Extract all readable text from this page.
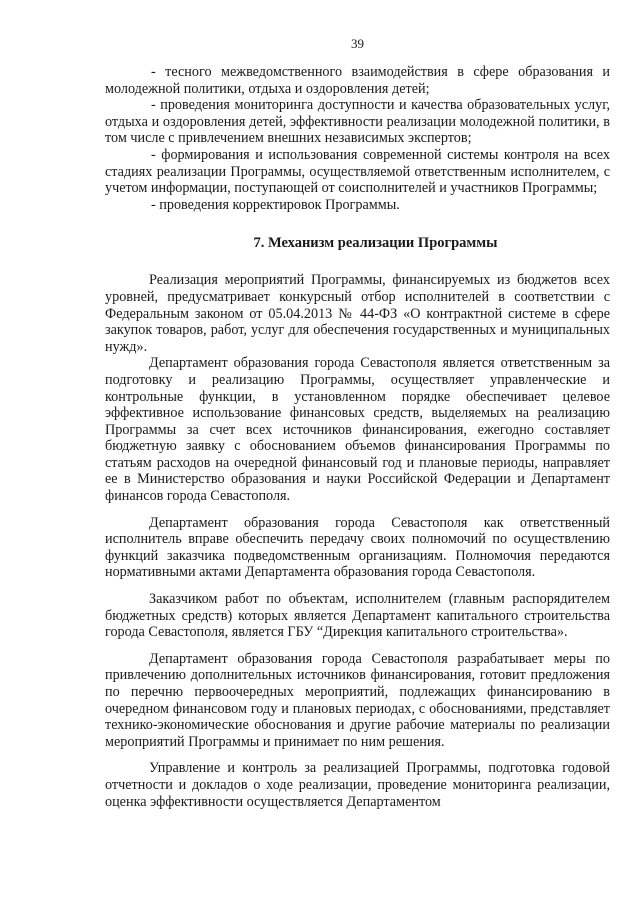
39

- тесного межведомственного взаимодействия в сфере образования и молодежной политики, отдыха и оздоровления детей;

- проведения мониторинга доступности и качества образовательных услуг, отдыха и оздоровления детей, эффективности реализации молодежной политики, в том числе с привлечением внешних независимых экспертов;

- формирования и использования современной системы контроля на всех стадиях реализации Программы, осуществляемой ответственным исполнителем, с учетом информации, поступающей от соисполнителей и участников Программы;

- проведения корректировок Программы.

7. Механизм реализации Программы

Реализация мероприятий Программы, финансируемых из бюджетов всех уровней, предусматривает конкурсный отбор исполнителей в соответствии с Федеральным законом от 05.04.2013 № 44-ФЗ «О контрактной системе в сфере закупок товаров, работ, услуг для обеспечения государственных и муниципальных нужд».

Департамент образования города Севастополя является ответственным за подготовку и реализацию Программы, осуществляет управленческие и контрольные функции, в установленном порядке обеспечивает целевое эффективное использование финансовых средств, выделяемых на реализацию Программы за счет всех источников финансирования, ежегодно составляет бюджетную заявку с обоснованием объемов финансирования Программы по статьям расходов на очередной финансовый год и плановые периоды, направляет ее в Министерство образования и науки Российской Федерации и Департамент финансов города Севастополя.

Департамент образования города Севастополя как ответственный исполнитель вправе обеспечить передачу своих полномочий по осуществлению функций заказчика подведомственным организациям. Полномочия передаются нормативными актами Департамента образования города Севастополя.

Заказчиком работ по объектам, исполнителем (главным распорядителем бюджетных средств) которых является Департамент капитального строительства города Севастополя, является ГБУ “Дирекция капитального строительства».

Департамент образования города Севастополя разрабатывает меры по привлечению дополнительных источников финансирования, готовит предложения по перечню первоочередных мероприятий, подлежащих финансированию в очередном финансовом году и плановых периодах, с обоснованиями, представляет технико-экономические обоснования и другие рабочие материалы по реализации мероприятий Программы и принимает по ним решения.

Управление и контроль за реализацией Программы, подготовка годовой отчетности и докладов о ходе реализации, проведение мониторинга реализации, оценка эффективности осуществляется Департаментом
